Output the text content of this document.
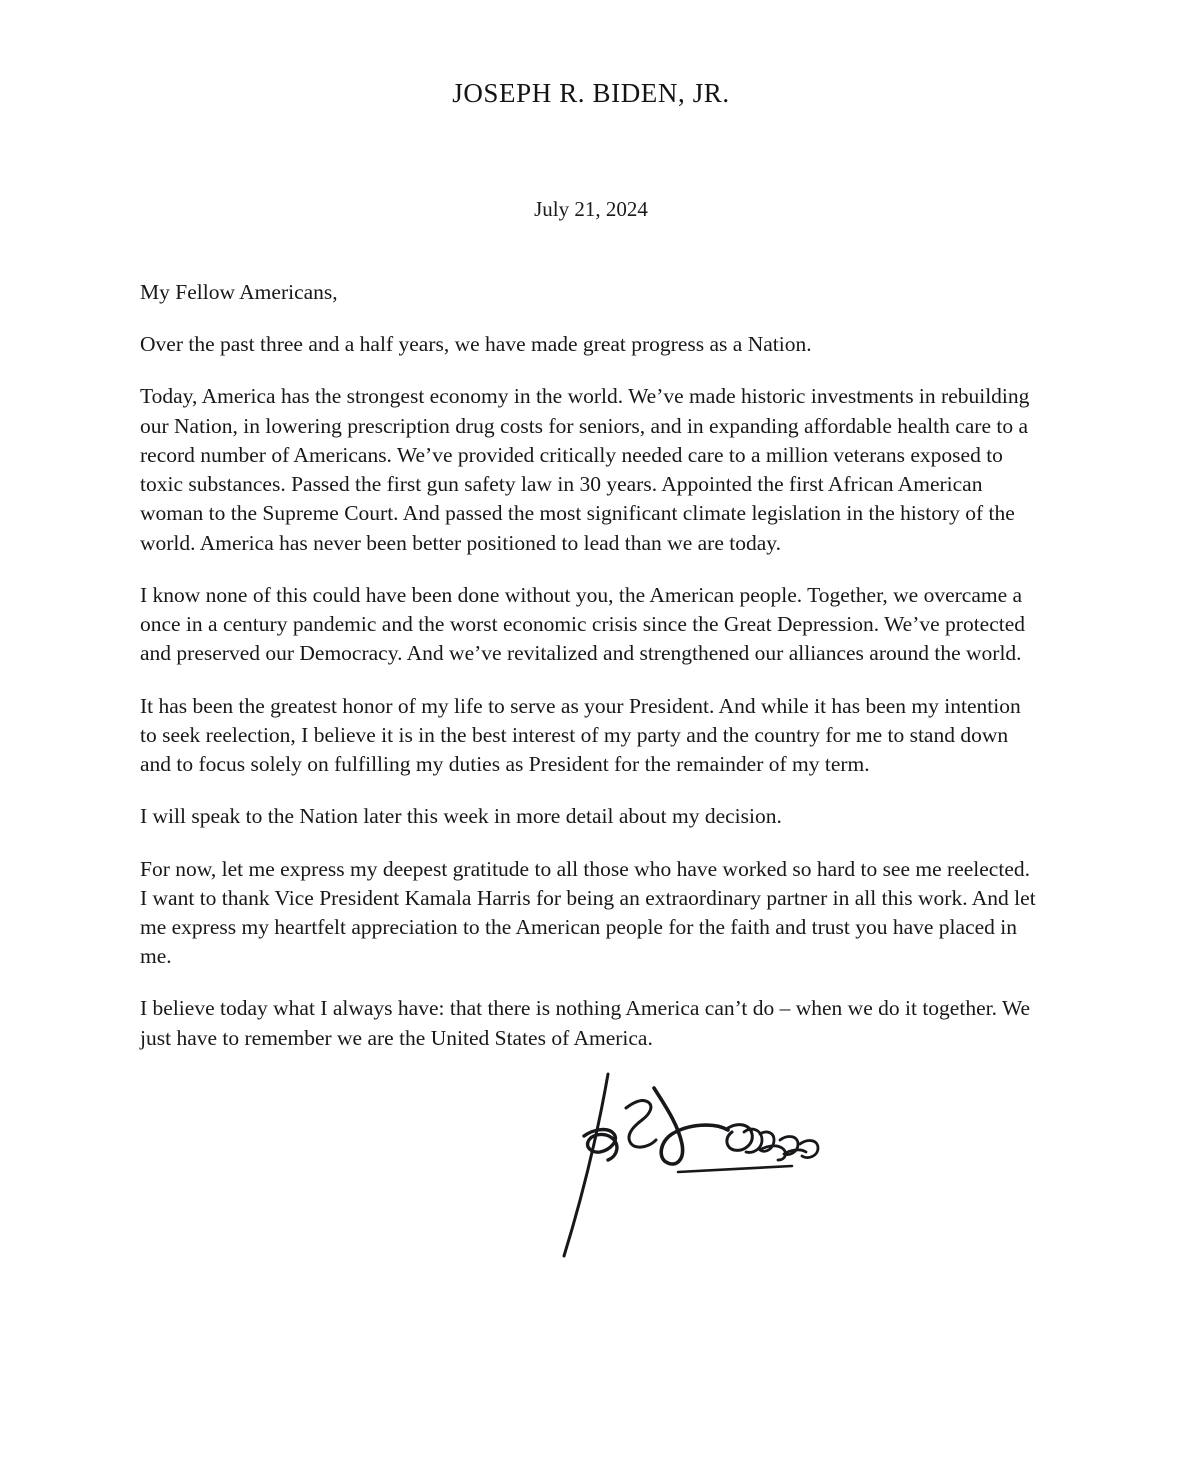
JOSEPH R. BIDEN, JR.
July 21, 2024

My Fellow Americans,

Over the past three and a half years, we have made great progress as a Nation.

Today, America has the strongest economy in the world. We’ve made historic investments in rebuilding our Nation, in lowering prescription drug costs for seniors, and in expanding affordable health care to a record number of Americans. We’ve provided critically needed care to a million veterans exposed to toxic substances. Passed the first gun safety law in 30 years. Appointed the first African American woman to the Supreme Court. And passed the most significant climate legislation in the history of the world. America has never been better positioned to lead than we are today.

I know none of this could have been done without you, the American people. Together, we overcame a once in a century pandemic and the worst economic crisis since the Great Depression. We’ve protected and preserved our Democracy. And we’ve revitalized and strengthened our alliances around the world.

It has been the greatest honor of my life to serve as your President. And while it has been my intention to seek reelection, I believe it is in the best interest of my party and the country for me to stand down and to focus solely on fulfilling my duties as President for the remainder of my term.

I will speak to the Nation later this week in more detail about my decision.

For now, let me express my deepest gratitude to all those who have worked so hard to see me reelected. I want to thank Vice President Kamala Harris for being an extraordinary partner in all this work. And let me express my heartfelt appreciation to the American people for the faith and trust you have placed in me.

I believe today what I always have: that there is nothing America can’t do – when we do it together. We just have to remember we are the United States of America.
